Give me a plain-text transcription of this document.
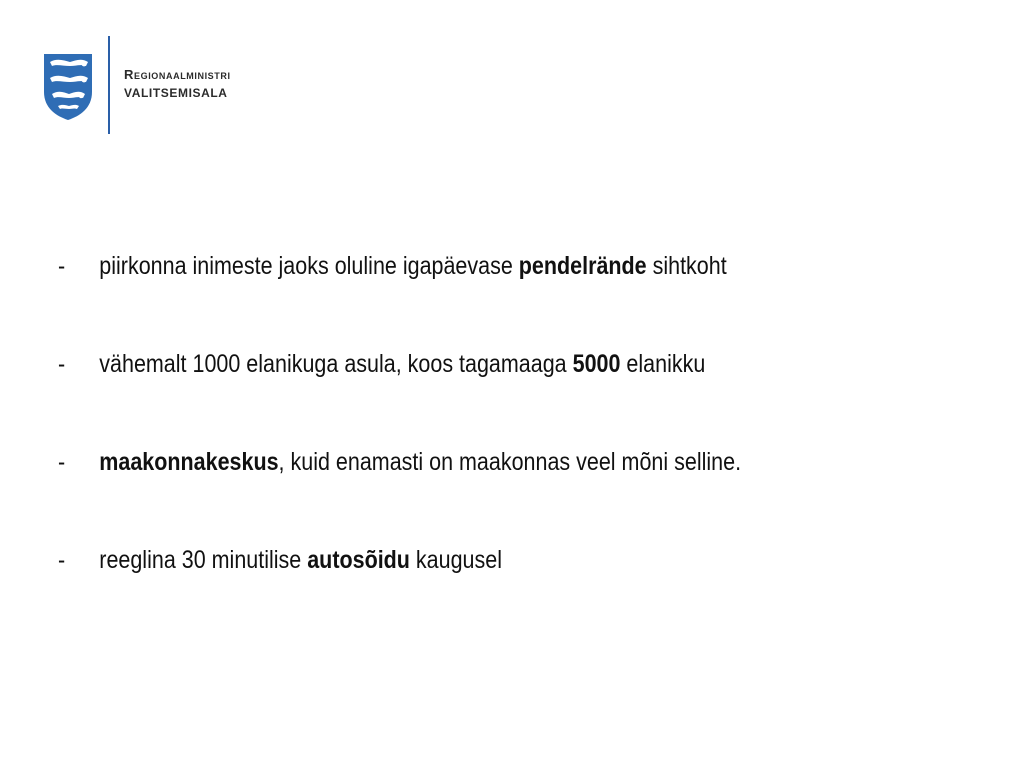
Regionaalministri
VALITSEMISALA
- piirkonna inimeste jaoks oluline igapäevase pendelrände sihtkoht
- vähemalt 1000 elanikuga asula, koos tagamaaga 5000 elanikku
- maakonnakeskus, kuid enamasti on maakonnas veel mõni selline.
- reeglina 30 minutilise autosõidu kaugusel
